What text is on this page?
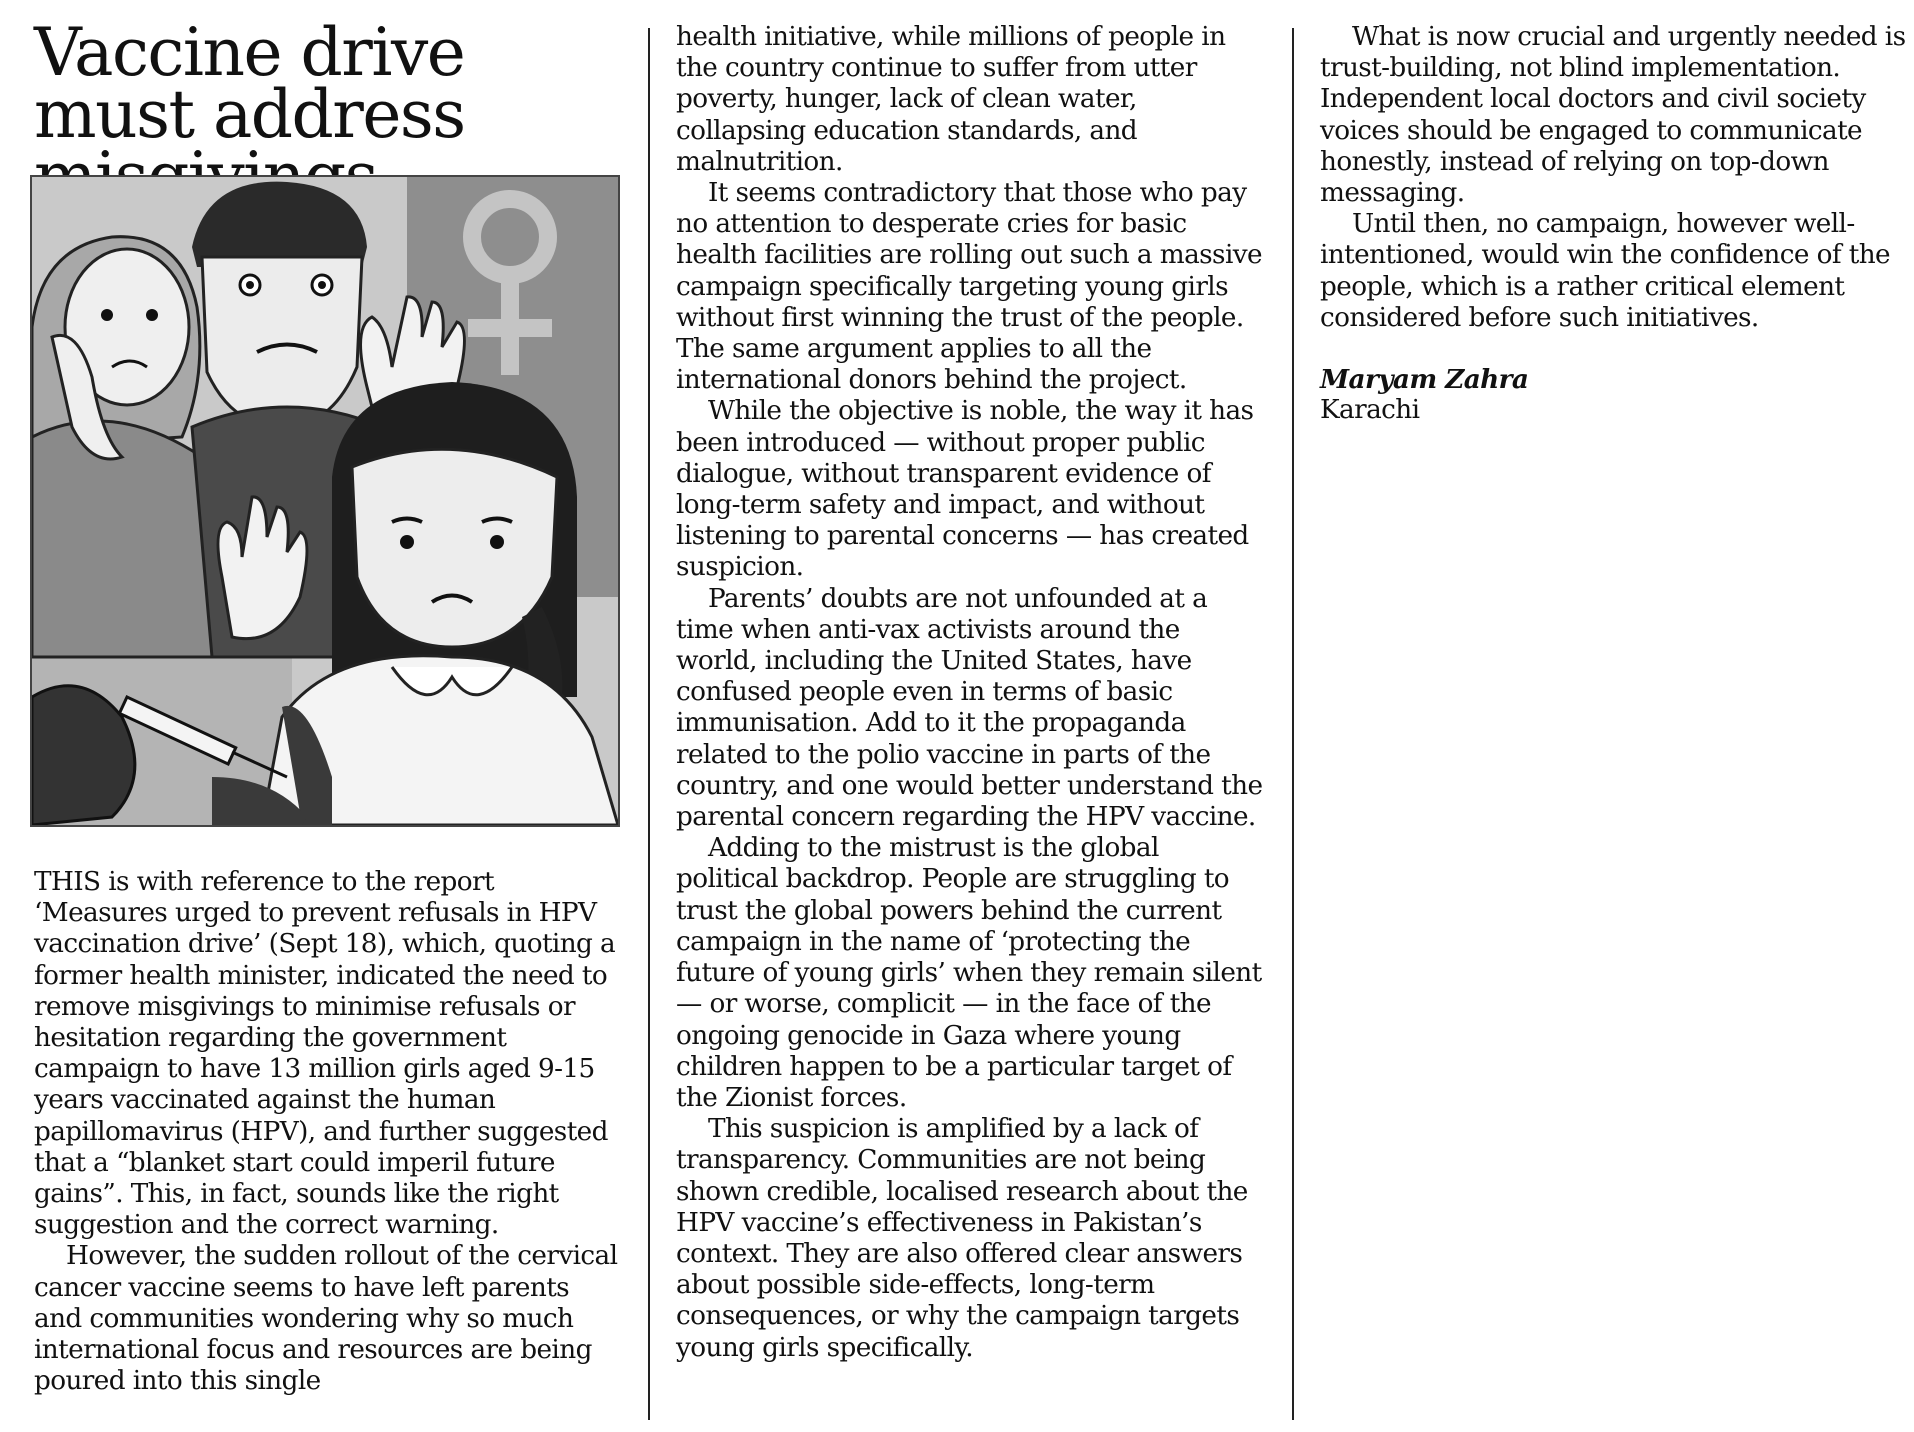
Vaccine drive must address

THIS is with reference to the report ‘Measures urged to prevent refusals in HPV vaccination drive’ (Sept 18), which, quoting a former health minister, indicated the need to remove misgivings to minimise refusals or hesitation regarding the government campaign to have 13 million girls aged 9-15 years vaccinated against the human papillomavirus (HPV), and further suggested that a “blanket start could imperil future gains”. This, in fact, sounds like the right suggestion and the correct warning.

However, the sudden rollout of the cervical cancer vaccine seems to have left parents and communities wondering why so much international focus and resources are being poured into this single

health initiative, while millions of people in the country continue to suffer from utter poverty, hunger, lack of clean water, collapsing education standards, and malnutrition.

It seems contradictory that those who pay no attention to desperate cries for basic health facilities are rolling out such a massive campaign specifically targeting young girls without first winning the trust of the people. The same argument applies to all the international donors behind the project.

While the objective is noble, the way it has been introduced — without proper public dialogue, without transparent evidence of long-term safety and impact, and without listening to parental concerns — has created suspicion.

Parents’ doubts are not unfounded at a time when anti-vax activists around the world, including the United States, have confused people even in terms of basic immunisation. Add to it the propaganda related to the polio vaccine in parts of the country, and one would better understand the parental concern regarding the HPV vaccine.

Adding to the mistrust is the global political backdrop. People are struggling to trust the global powers behind the current campaign in the name of ‘protecting the future of young girls’ when they remain silent — or worse, complicit — in the face of the ongoing genocide in Gaza where young children happen to be a particular target of the Zionist forces.

This suspicion is amplified by a lack of transparency. Communities are not being shown credible, localised research about the HPV vaccine’s effectiveness in Pakistan’s context. They are also offered clear answers about possible side-effects, long-term consequences, or why the campaign targets young girls specifically.

What is now crucial and urgently needed is trust-building, not blind implementation. Independent local doctors and civil society voices should be engaged to communicate honestly, instead of relying on top-down messaging.

Until then, no campaign, however well-intentioned, would win the confidence of the people, which is a rather critical element considered before such initiatives.

Maryam Zahra
Karachi
